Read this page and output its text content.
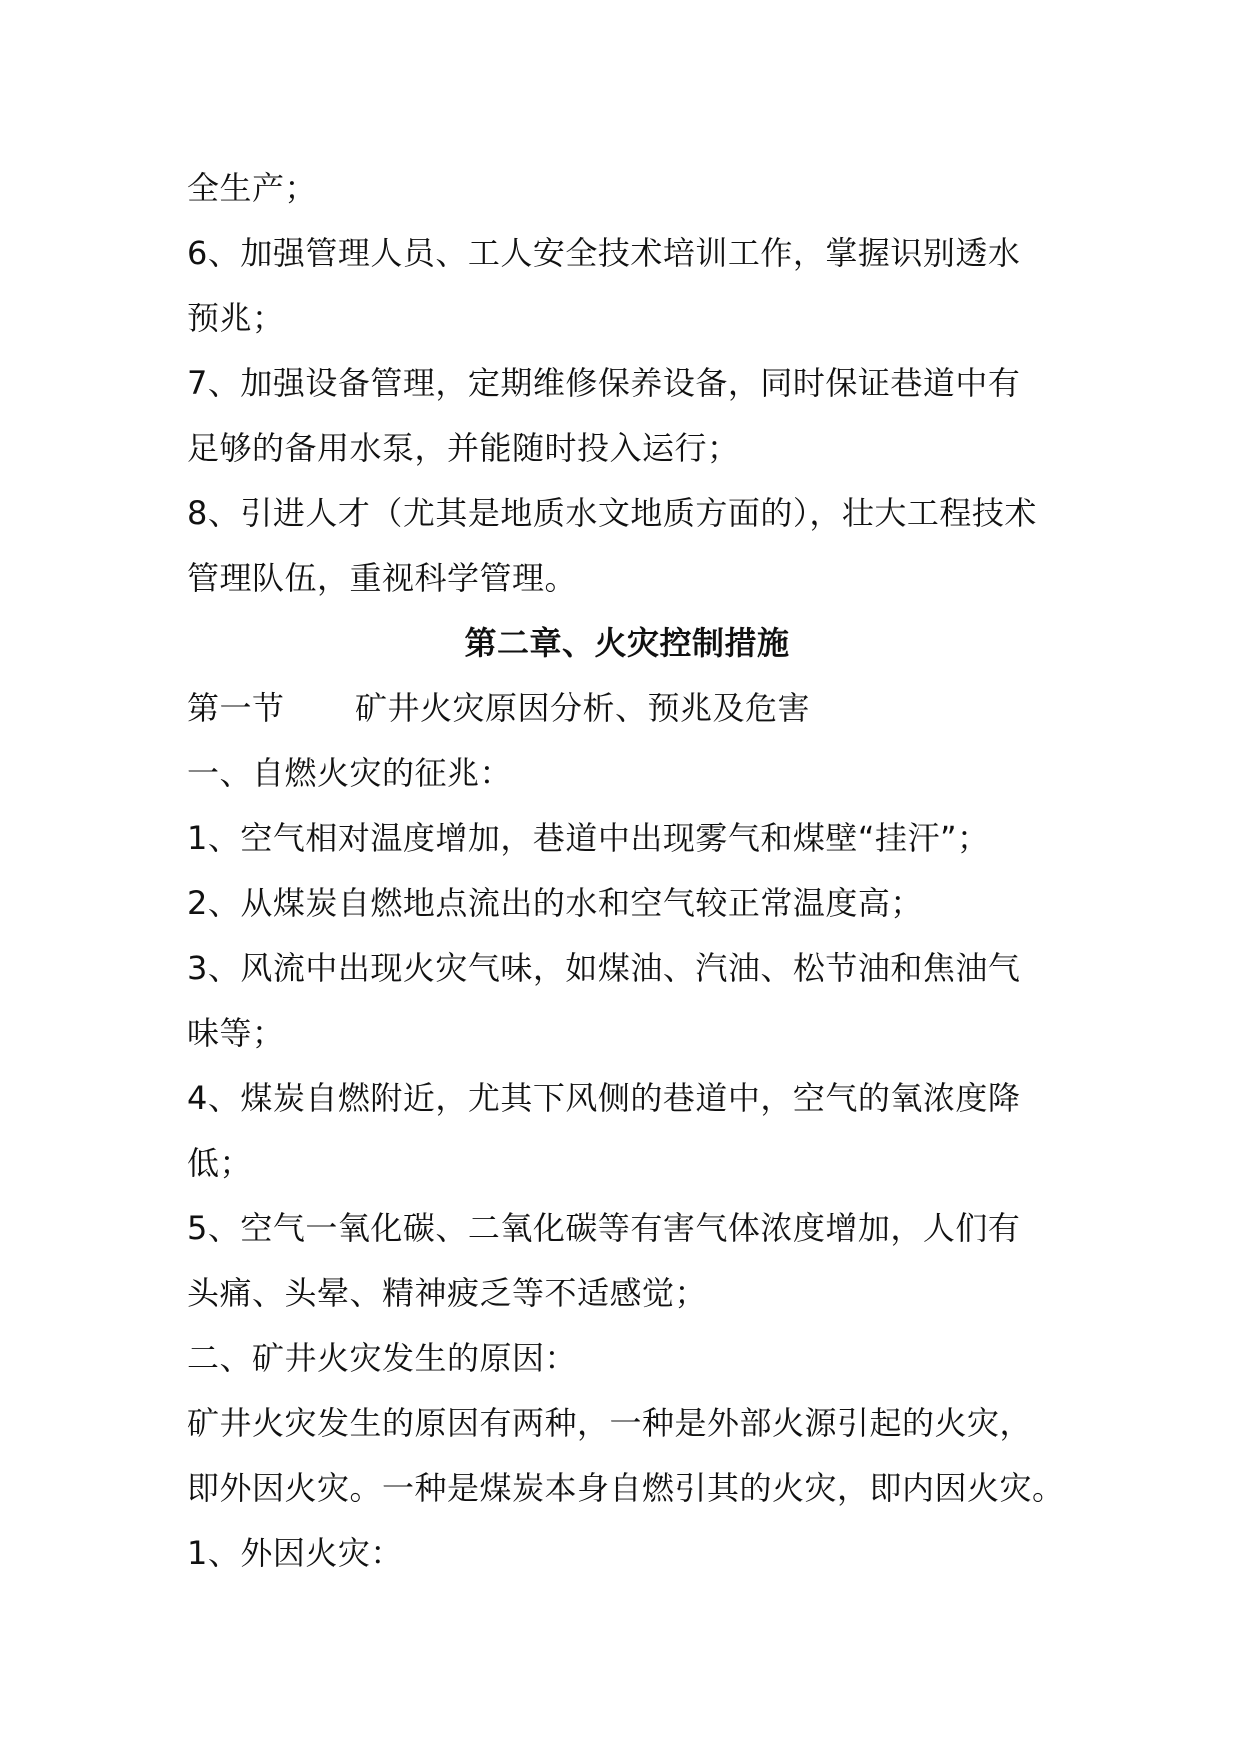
全生产；
6、加强管理人员、工人安全技术培训工作，掌握识别透水
预兆；
7、加强设备管理，定期维修保养设备，同时保证巷道中有
足够的备用水泵，并能随时投入运行；
8、引进人才（尤其是地质水文地质方面的），壮大工程技术
管理队伍，重视科学管理。
第二章、火灾控制措施
第一节	矿井火灾原因分析、预兆及危害
一、自燃火灾的征兆：
1、空气相对温度增加，巷道中出现雾气和煤壁“挂汗”；
2、从煤炭自燃地点流出的水和空气较正常温度高；
3、风流中出现火灾气味，如煤油、汽油、松节油和焦油气
味等；
4、煤炭自燃附近，尤其下风侧的巷道中，空气的氧浓度降
低；
5、空气一氧化碳、二氧化碳等有害气体浓度增加，人们有
头痛、头晕、精神疲乏等不适感觉；
二、矿井火灾发生的原因：
矿井火灾发生的原因有两种，一种是外部火源引起的火灾，
即外因火灾。一种是煤炭本身自燃引其的火灾，即内因火灾。
1、外因火灾：
